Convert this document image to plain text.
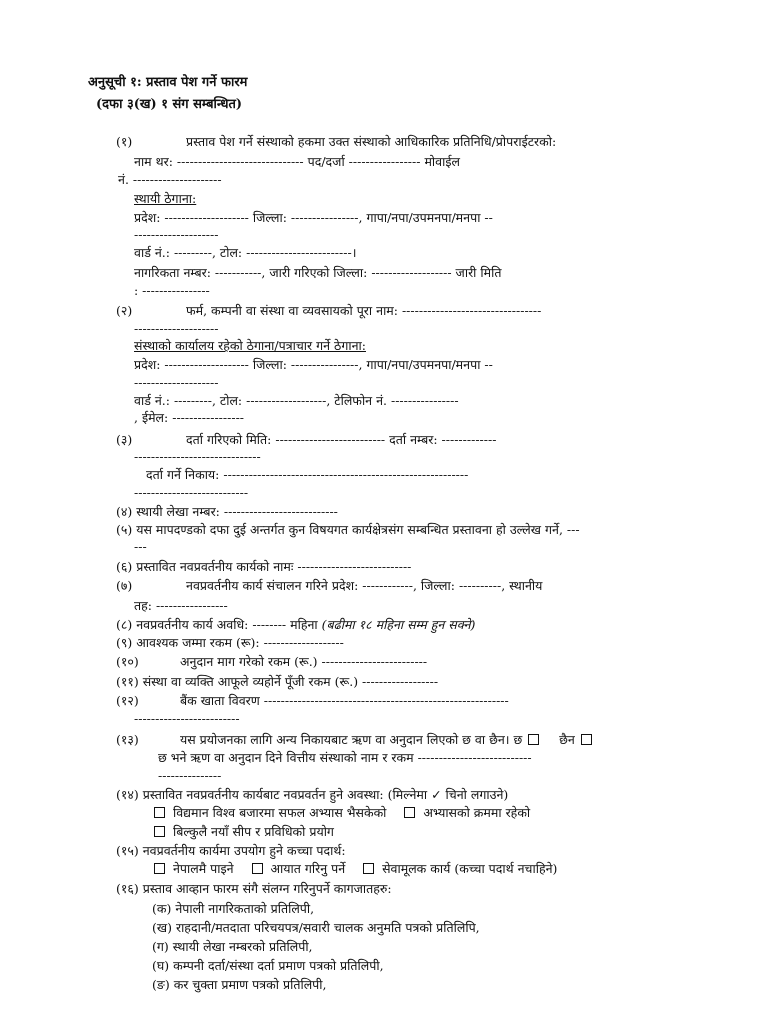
अनुसूची १: प्रस्ताव पेश गर्ने फारम
(दफा ३(ख) १ संग सम्बन्धित)
(१)	प्रस्ताव पेश गर्ने संस्थाको हकमा उक्त संस्थाको आधिकारिक प्रतिनिधि/प्रोपराईटरको:
नाम थर: ------------------------------ पद/दर्जा ----------------- मोवाईल
नं. ---------------------
स्थायी ठेगाना:
प्रदेश: -------------------- जिल्ला: ----------------, गापा/नपा/उपमनपा/मनपा --
--------------------
वार्ड नं.: ---------, टोल: -------------------------।
नागरिकता नम्बर: -----------, जारी गरिएको जिल्ला: ------------------- जारी मिति
: ----------------
(२)	फर्म, कम्पनी वा संस्था वा व्यवसायको पूरा नाम: ---------------------------------
--------------------
संस्थाको कार्यालय रहेको ठेगाना/पत्राचार गर्ने ठेगाना:
प्रदेश: -------------------- जिल्ला: ----------------, गापा/नपा/उपमनपा/मनपा --
--------------------
वार्ड नं.: ---------, टोल: -------------------, टेलिफोन नं. ----------------
, ईमेल: -----------------
(३)	दर्ता गरिएको मिति: -------------------------- दर्ता नम्बर: -------------
------------------------------
दर्ता गर्ने निकाय: ----------------------------------------------------------
---------------------------
(४) स्थायी लेखा नम्बर: ---------------------------
(५) यस मापदण्डको दफा दुई अन्तर्गत कुन विषयगत कार्यक्षेत्रसंग सम्बन्धित प्रस्तावना हो उल्लेख गर्ने, ---
---
(६) प्रस्तावित नवप्रवर्तनीय कार्यको नामः ---------------------------
(७)	नवप्रवर्तनीय कार्य संचालन गरिने प्रदेश: ------------, जिल्ला: ----------, स्थानीय
तह: -----------------
(८) नवप्रवर्तनीय कार्य अवधि: -------- महिना (बढीमा १८ महिना सम्म हुन सक्ने)
(९) आवश्यक जम्मा रकम (रू): -------------------
(१०)	अनुदान माग गरेको रकम (रू.) -------------------------
(११) संस्था वा व्यक्ति आफूले व्यहोर्ने पूँजी रकम (रू.) ------------------
(१२)	बैंक खाता विवरण ----------------------------------------------------------
-------------------------
(१३)	यस प्रयोजनका लागि अन्य निकायबाट ऋण वा अनुदान लिएको छ वा छैन। छ	छैन
छ भने ऋण वा अनुदान दिने वित्तीय संस्थाको नाम र रकम ---------------------------
---------------
(१४) प्रस्तावित नवप्रवर्तनीय कार्यबाट नवप्रवर्तन हुने अवस्था: (मिल्नेमा ✓ चिनो लगाउने)
विद्यमान विश्व बजारमा सफल अभ्यास भैसकेको	अभ्यासको क्रममा रहेको
बिल्कुलै नयाँ सीप र प्रविधिको प्रयोग
(१५) नवप्रवर्तनीय कार्यमा उपयोग हुने कच्चा पदार्थ:
नेपालमै पाइने	आयात गरिनु पर्ने	सेवामूलक कार्य (कच्चा पदार्थ नचाहिने)
(१६) प्रस्ताव आव्हान फारम संगै संलग्न गरिनुपर्ने कागजातहरु:
(क) नेपाली नागरिकताको प्रतिलिपी,
(ख) राहदानी/मतदाता परिचयपत्र/सवारी चालक अनुमति पत्रको प्रतिलिपि,
(ग) स्थायी लेखा नम्बरको प्रतिलिपी,
(घ) कम्पनी दर्ता/संस्था दर्ता प्रमाण पत्रको प्रतिलिपी,
(ङ) कर चुक्ता प्रमाण पत्रको प्रतिलिपी,
